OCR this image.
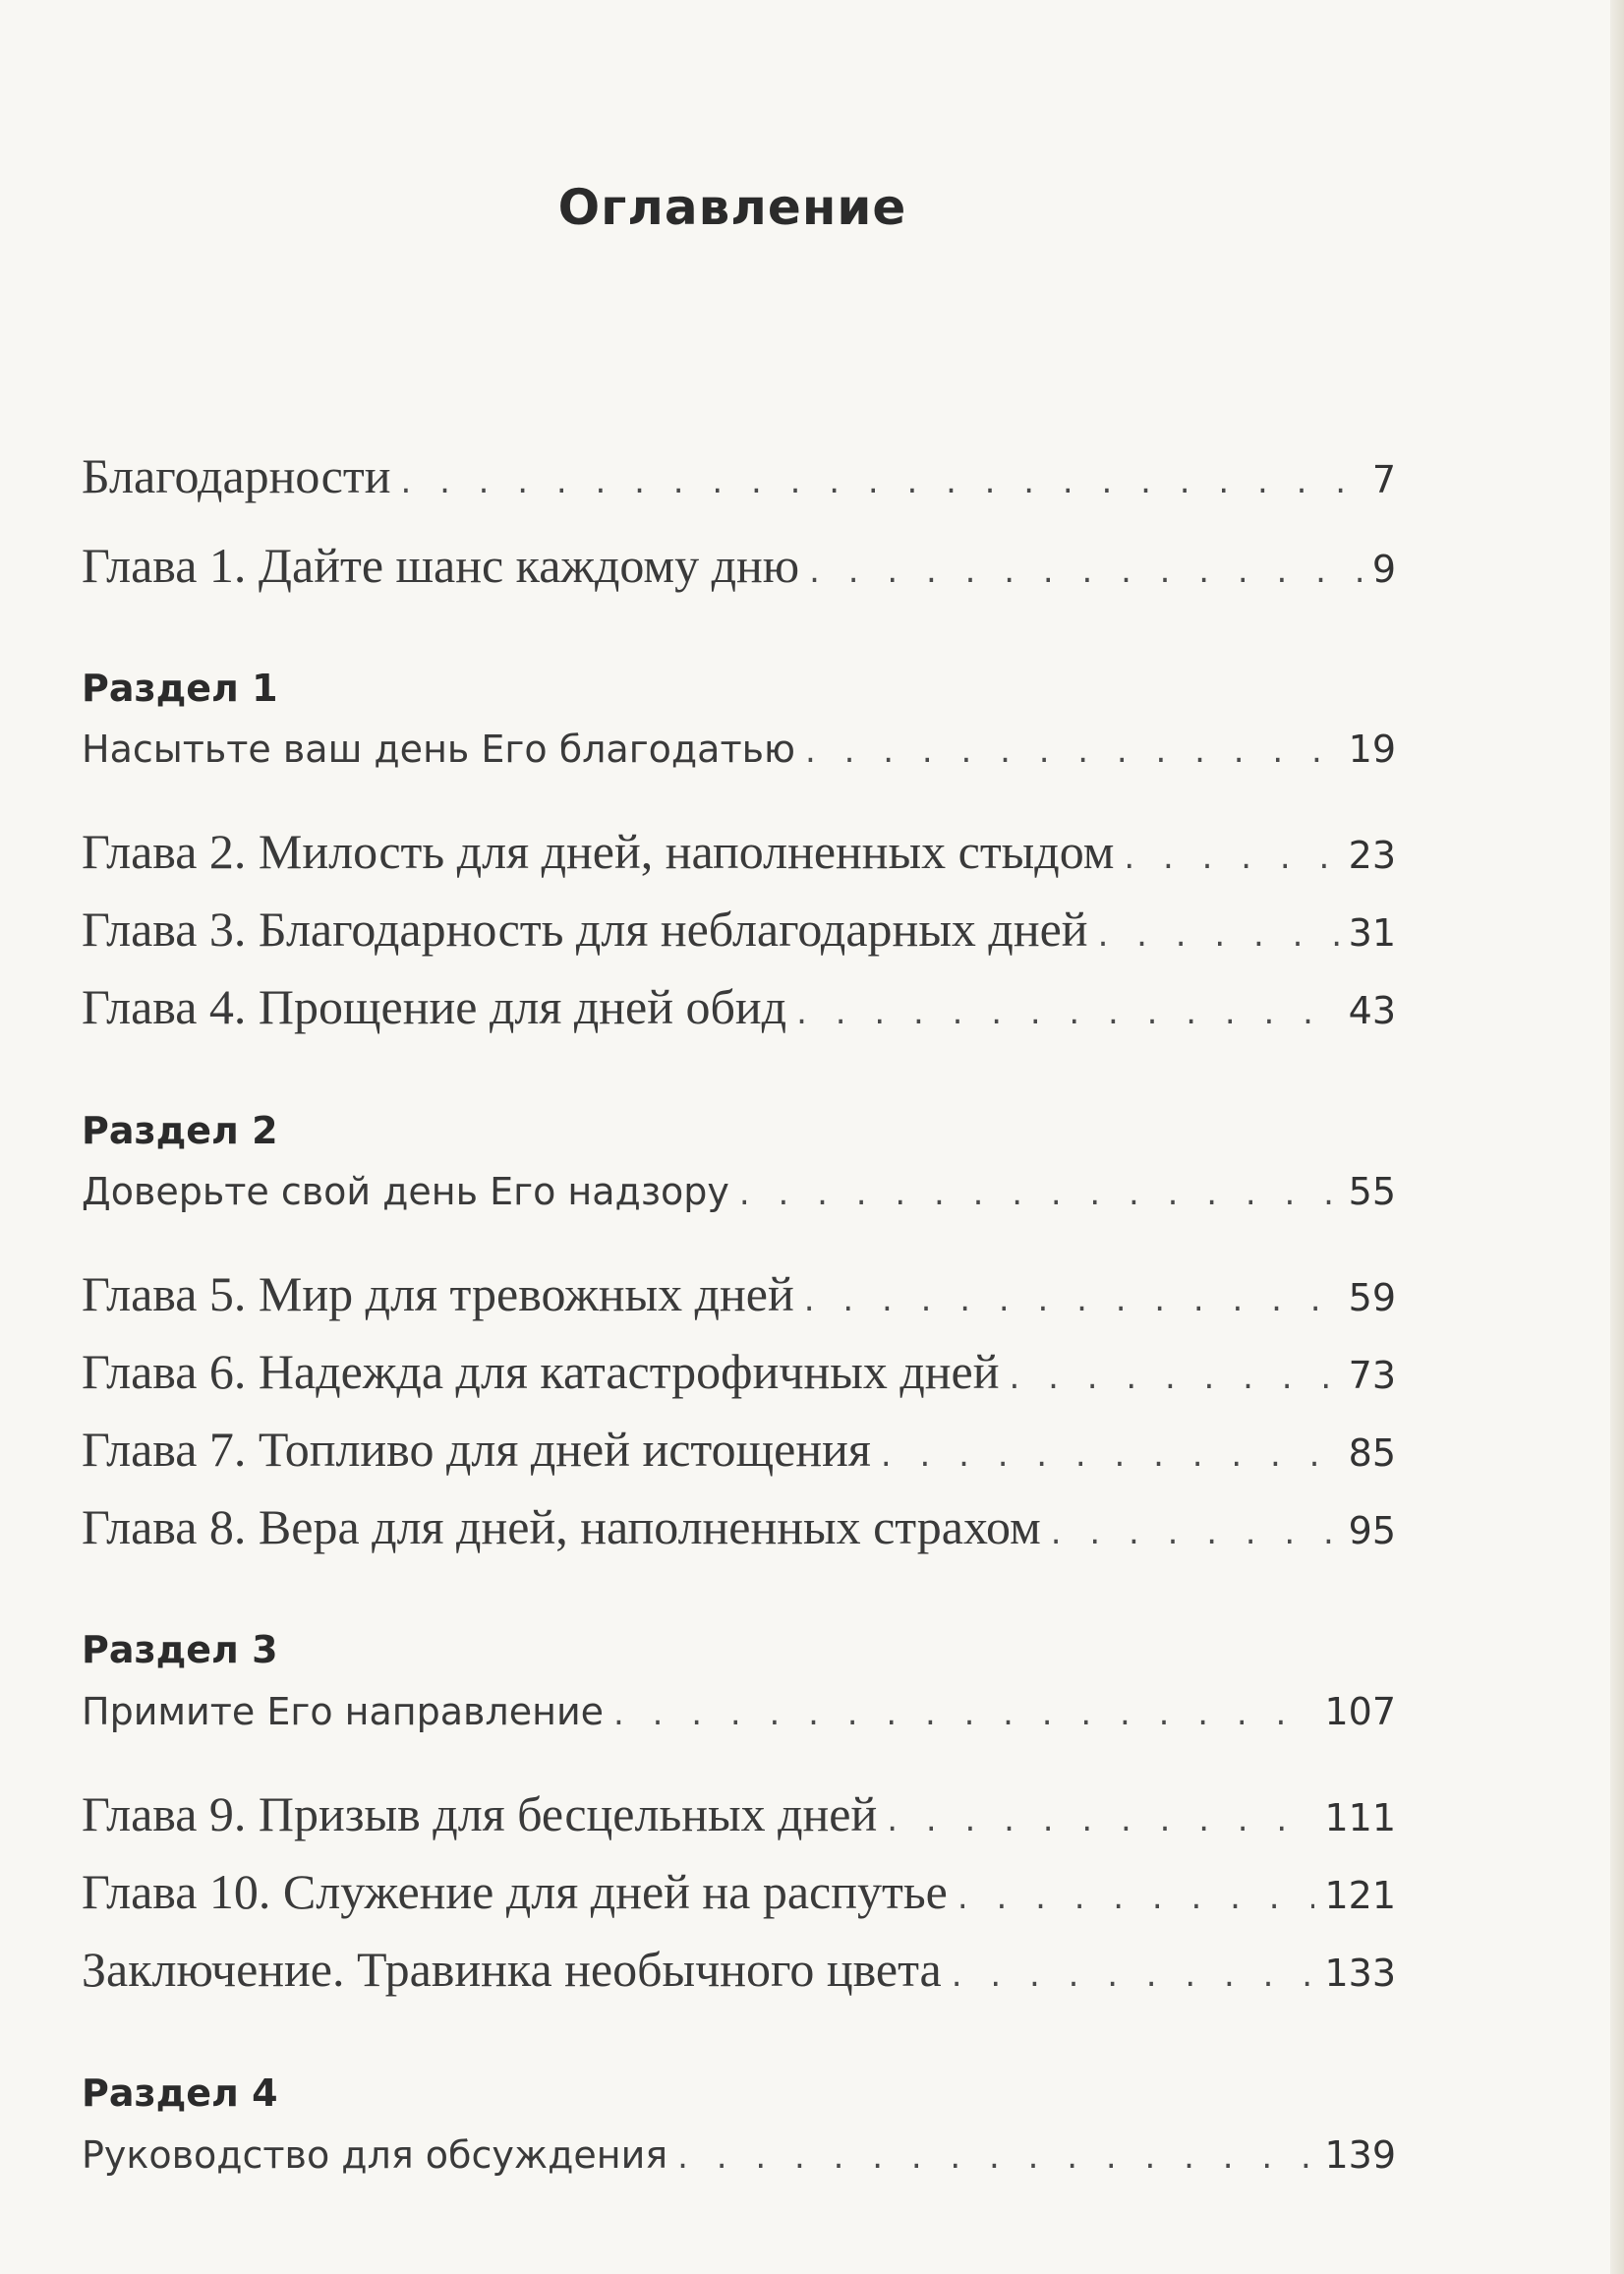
Оглавление
Благодарности . . .	7
Глава 1. Дайте шанс каждому дню . . .	9
Раздел 1
Насытьте ваш день Его благодатью . . .	19
Глава 2. Милость для дней, наполненных стыдом . . .	23
Глава 3. Благодарность для неблагодарных дней . . .	31
Глава 4. Прощение для дней обид . . .	43
Раздел 2
Доверьте свой день Его надзору . . .	55
Глава 5. Мир для тревожных дней . . .	59
Глава 6. Надежда для катастрофичных дней . . .	73
Глава 7. Топливо для дней истощения . . .	85
Глава 8. Вера для дней, наполненных страхом . . .	95
Раздел 3
Примите Его направление . . .	107
Глава 9. Призыв для бесцельных дней . . .	111
Глава 10. Служение для дней на распутье . . .	121
Заключение. Травинка необычного цвета . . .	133
Раздел 4
Руководство для обсуждения . . .	139
